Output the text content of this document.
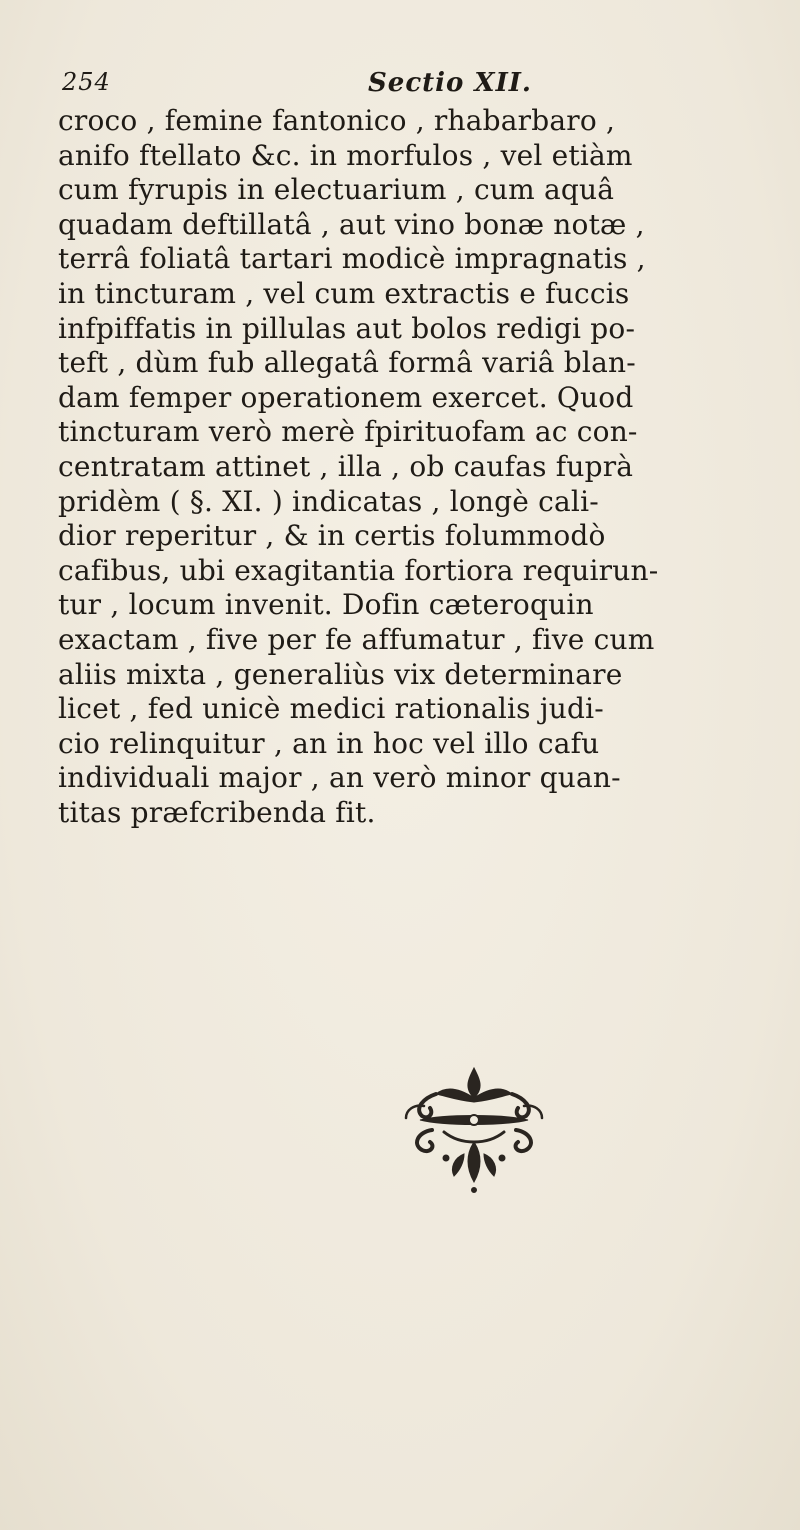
254	Sectio XII.
croco , femine fantonico , rhabarbaro ,
anifo ftellato &c. in morfulos , vel etiàm
cum fyrupis in electuarium , cum aquâ
quadam deftillatâ , aut vino bonæ notæ ,
terrâ foliatâ tartari modicè impragnatis ,
in tincturam , vel cum extractis e fuccis
infpiffatis in pillulas aut bolos redigi po-
teft , dùm fub allegatâ formâ variâ blan-
dam femper operationem exercet. Quod
tincturam verò merè fpirituofam ac con-
centratam attinet , illa , ob caufas fuprà
pridèm ( §. XI. ) indicatas , longè cali-
dior reperitur , & in certis folummodò
cafibus, ubi exagitantia fortiora requirun-
tur , locum invenit. Dofin cæteroquin
exactam , five per fe affumatur , five cum
aliis mixta , generaliùs vix determinare
licet , fed unicè medici rationalis judi-
cio relinquitur , an in hoc vel illo cafu
individuali major , an verò minor quan-
titas præfcribenda fit.
